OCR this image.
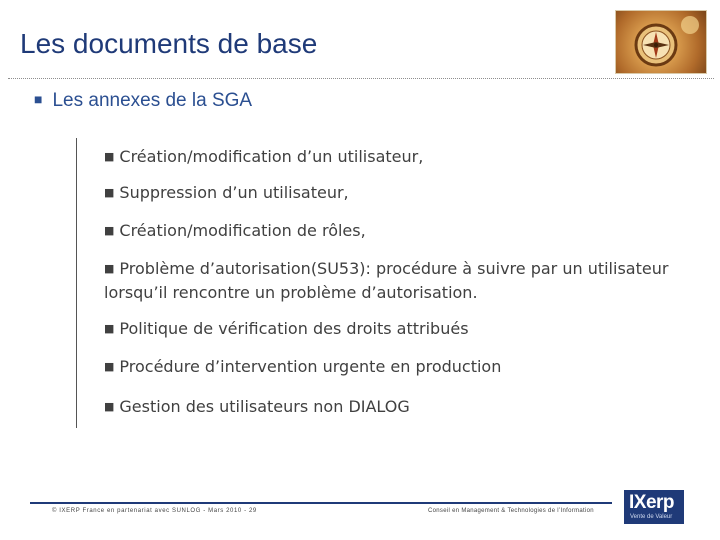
Les documents de base
■ Les annexes de la SGA
■ Création/modification d’un utilisateur,
■ Suppression d’un utilisateur,
■ Création/modification de rôles,
■ Problème d’autorisation(SU53): procédure à suivre par un utilisateur lorsqu’il rencontre un problème d’autorisation.
■ Politique de vérification des droits attribués
■ Procédure d’intervention urgente en production
■ Gestion des utilisateurs non DIALOG
© IXERP France en partenariat avec SUNLOG - Mars 2010 - 29	Conseil en Management & Technologies de l’Information IXerp
Vente de Valeur
